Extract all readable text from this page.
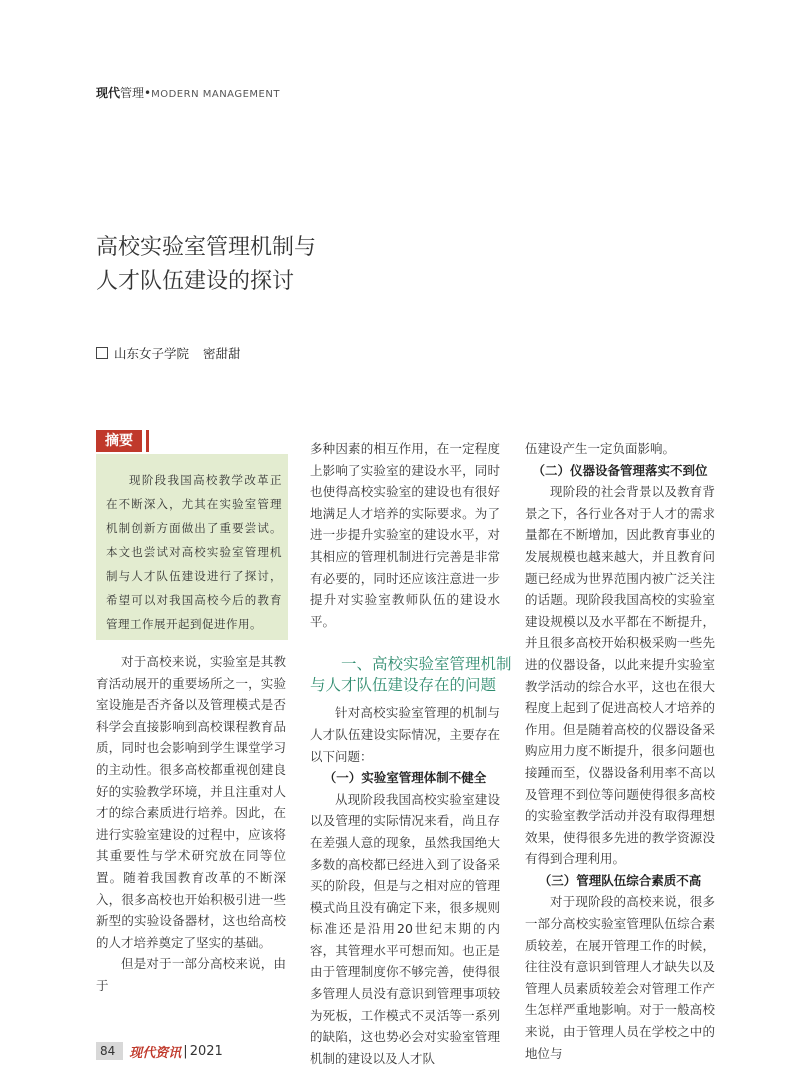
现代管理•MODERN MANAGEMENT
高校实验室管理机制与
人才队伍建设的探讨
山东女子学院 密甜甜
摘要

现阶段我国高校教学改革正在不断深入，尤其在实验室管理机制创新方面做出了重要尝试。本文也尝试对高校实验室管理机制与人才队伍建设进行了探讨，希望可以对我国高校今后的教育管理工作展开起到促进作用。

对于高校来说，实验室是其教育活动展开的重要场所之一，实验室设施是否齐备以及管理模式是否科学会直接影响到高校课程教育品质，同时也会影响到学生课堂学习的主动性。很多高校都重视创建良好的实验教学环境，并且注重对人才的综合素质进行培养。因此，在进行实验室建设的过程中，应该将其重要性与学术研究放在同等位置。随着我国教育改革的不断深入，很多高校也开始积极引进一些新型的实验设备器材，这也给高校的人才培养奠定了坚实的基础。

但是对于一部分高校来说，由于

多种因素的相互作用，在一定程度上影响了实验室的建设水平，同时也使得高校实验室的建设也有很好地满足人才培养的实际要求。为了进一步提升实验室的建设水平，对其相应的管理机制进行完善是非常有必要的，同时还应该注意进一步提升对实验室教师队伍的建设水平。

一、高校实验室管理机制
与人才队伍建设存在的问题

针对高校实验室管理的机制与人才队伍建设实际情况，主要存在以下问题：

（一）实验室管理体制不健全

从现阶段我国高校实验室建设以及管理的实际情况来看，尚且存在差强人意的现象，虽然我国绝大多数的高校都已经进入到了设备采买的阶段，但是与之相对应的管理模式尚且没有确定下来，很多规则标准还是沿用20世纪末期的内容，其管理水平可想而知。也正是由于管理制度你不够完善，使得很多管理人员没有意识到管理事项较为死板，工作模式不灵活等一系列的缺陷，这也势必会对实验室管理机制的建设以及人才队

伍建设产生一定负面影响。

（二）仪器设备管理落实不到位

现阶段的社会背景以及教育背景之下，各行业各对于人才的需求量都在不断增加，因此教育事业的发展规模也越来越大，并且教育问题已经成为世界范围内被广泛关注的话题。现阶段我国高校的实验室建设规模以及水平都在不断提升，并且很多高校开始积极采购一些先进的仪器设备，以此来提升实验室教学活动的综合水平，这也在很大程度上起到了促进高校人才培养的作用。但是随着高校的仪器设备采购应用力度不断提升，很多问题也接踵而至，仪器设备利用率不高以及管理不到位等问题使得很多高校的实验室教学活动并没有取得理想效果，使得很多先进的教学资源没有得到合理利用。

（三）管理队伍综合素质不高

对于现阶段的高校来说，很多一部分高校实验室管理队伍综合素质较差，在展开管理工作的时候，往往没有意识到管理人才缺失以及管理人员素质较差会对管理工作产生怎样严重地影响。对于一般高校来说，由于管理人员在学校之中的地位与

84	现代资讯 | 2021
